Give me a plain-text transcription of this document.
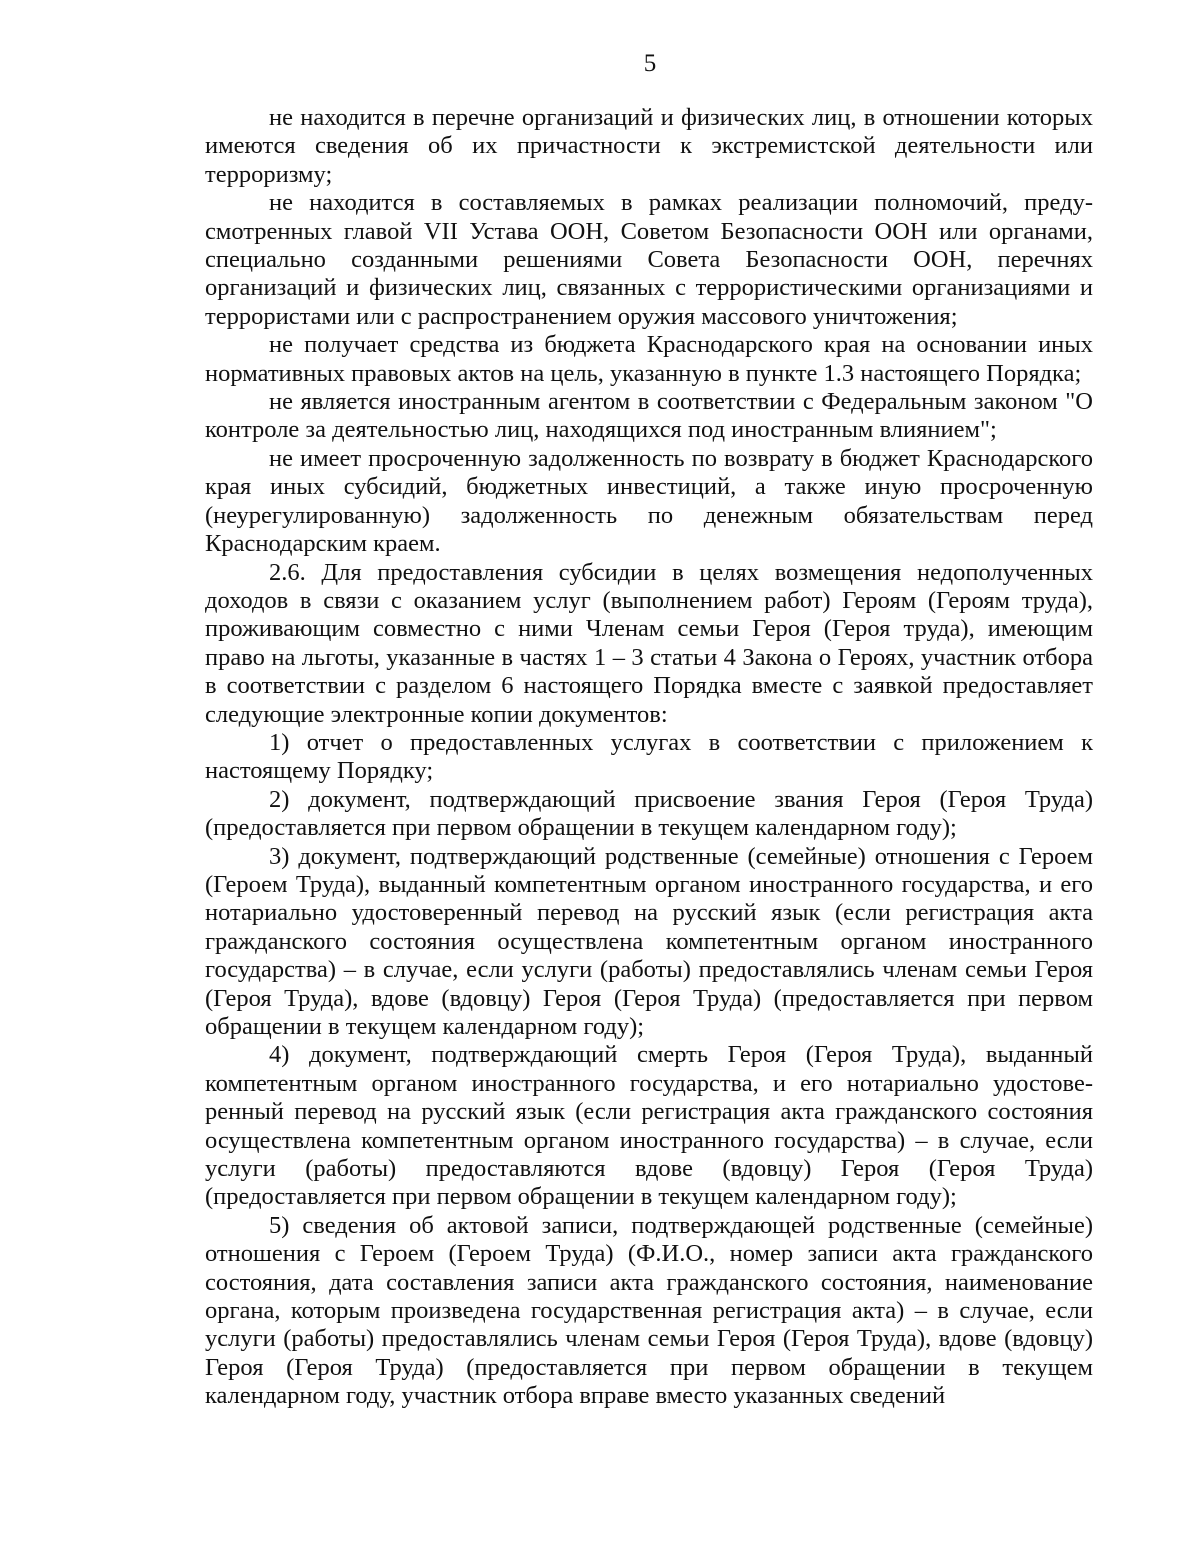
5

не находится в перечне организаций и физических лиц, в отношении которых имеются сведения об их причастности к экстремистской деятельности или терроризму;

не находится в составляемых в рамках реализации полномочий, предусмотренных главой VII Устава ООН, Советом Безопасности ООН или органами, специально созданными решениями Совета Безопасности ООН, перечнях организаций и физических лиц, связанных с террористическими организациями и террористами или с распространением оружия массового уничтожения;

не получает средства из бюджета Краснодарского края на основании иных нормативных правовых актов на цель, указанную в пункте 1.3 настоящего Порядка;

не является иностранным агентом в соответствии с Федеральным законом "О контроле за деятельностью лиц, находящихся под иностранным влиянием";

не имеет просроченную задолженность по возврату в бюджет Краснодарского края иных субсидий, бюджетных инвестиций, а также иную просроченную (неурегулированную) задолженность по денежным обязательствам перед Краснодарским краем.

2.6. Для предоставления субсидии в целях возмещения недополученных доходов в связи с оказанием услуг (выполнением работ) Героям (Героям труда), проживающим совместно с ними Членам семьи Героя (Героя труда), имеющим право на льготы, указанные в частях 1 – 3 статьи 4 Закона о Героях, участник отбора в соответствии с разделом 6 настоящего Порядка вместе с заявкой предоставляет следующие электронные копии документов:

1) отчет о предоставленных услугах в соответствии с приложением к настоящему Порядку;

2) документ, подтверждающий присвоение звания Героя (Героя Труда) (предоставляется при первом обращении в текущем календарном году);

3) документ, подтверждающий родственные (семейные) отношения с Героем (Героем Труда), выданный компетентным органом иностранного государства, и его нотариально удостоверенный перевод на русский язык (если регистрация акта гражданского состояния осуществлена компетентным органом иностранного государства) – в случае, если услуги (работы) предоставлялись членам семьи Героя (Героя Труда), вдове (вдовцу) Героя (Героя Труда) (предоставляется при первом обращении в текущем календарном году);

4) документ, подтверждающий смерть Героя (Героя Труда), выданный компетентным органом иностранного государства, и его нотариально удостоверенный перевод на русский язык (если регистрация акта гражданского состояния осуществлена компетентным органом иностранного государства) – в случае, если услуги (работы) предоставляются вдове (вдовцу) Героя (Героя Труда) (предоставляется при первом обращении в текущем календарном году);

5) сведения об актовой записи, подтверждающей родственные (семейные) отношения с Героем (Героем Труда) (Ф.И.О., номер записи акта гражданского состояния, дата составления записи акта гражданского состояния, наименование органа, которым произведена государственная регистрация акта) – в случае, если услуги (работы) предоставлялись членам семьи Героя (Героя Труда), вдове (вдовцу) Героя (Героя Труда) (предоставляется при первом обращении в текущем календарном году, участник отбора вправе вместо указанных сведений
